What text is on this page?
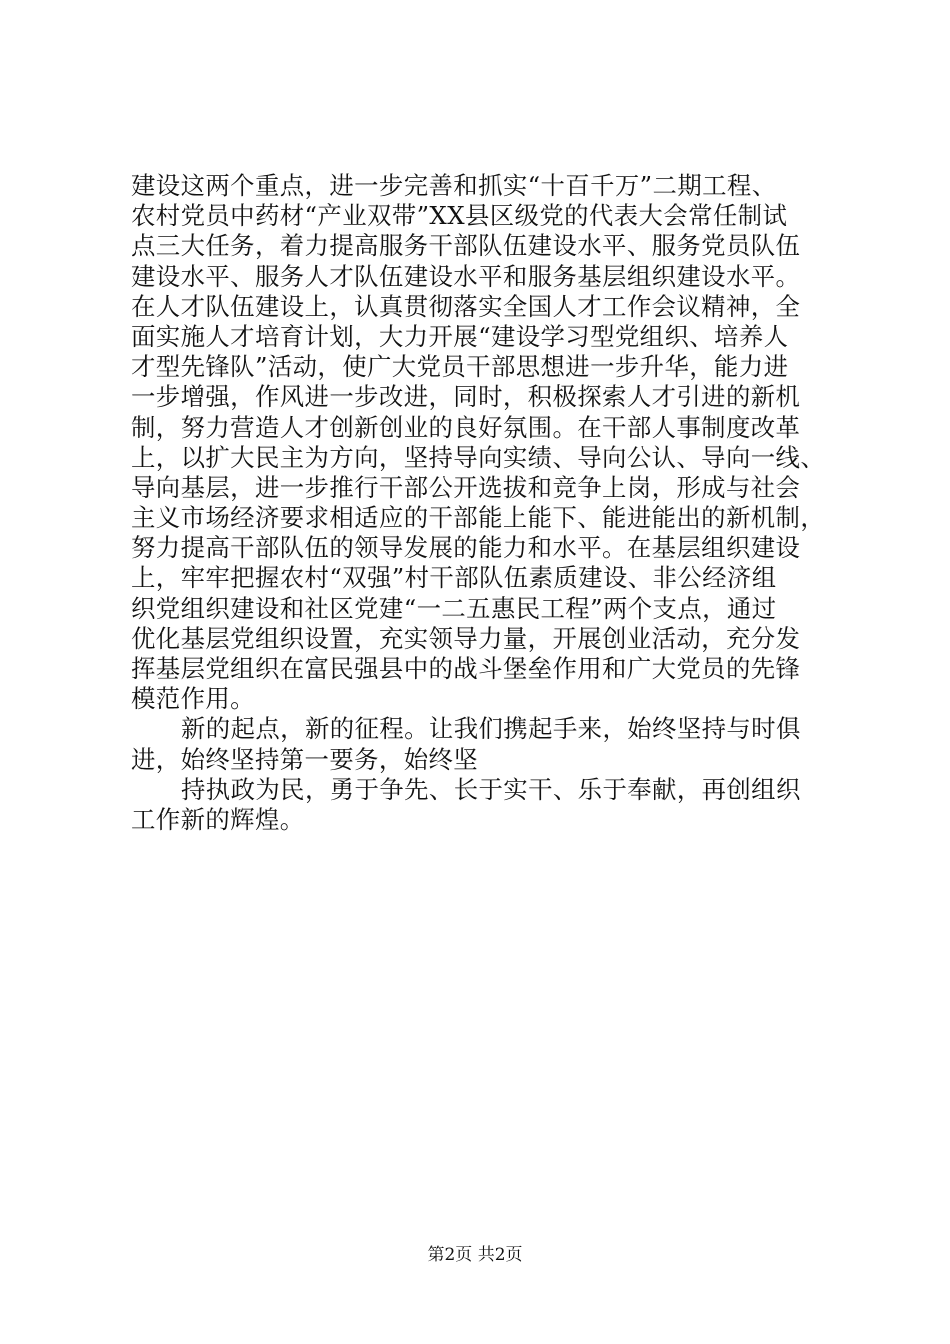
建设这两个重点，进一步完善和抓实“十百千万”二期工程、
农村党员中药材“产业双带”XX县区级党的代表大会常任制试
点三大任务，着力提高服务干部队伍建设水平、服务党员队伍
建设水平、服务人才队伍建设水平和服务基层组织建设水平。
在人才队伍建设上，认真贯彻落实全国人才工作会议精神，全
面实施人才培育计划，大力开展“建设学习型党组织、培养人
才型先锋队”活动，使广大党员干部思想进一步升华，能力进
一步增强，作风进一步改进，同时，积极探索人才引进的新机
制，努力营造人才创新创业的良好氛围。在干部人事制度改革
上，以扩大民主为方向，坚持导向实绩、导向公认、导向一线、
导向基层，进一步推行干部公开选拔和竞争上岗，形成与社会
主义市场经济要求相适应的干部能上能下、能进能出的新机制，
努力提高干部队伍的领导发展的能力和水平。在基层组织建设
上，牢牢把握农村“双强”村干部队伍素质建设、非公经济组
织党组织建设和社区党建“一二五惠民工程”两个支点，通过
优化基层党组织设置，充实领导力量，开展创业活动，充分发
挥基层党组织在富民强县中的战斗堡垒作用和广大党员的先锋
模范作用。
新的起点，新的征程。让我们携起手来，始终坚持与时俱
进，始终坚持第一要务，始终坚
持执政为民，勇于争先、长于实干、乐于奉献，再创组织
工作新的辉煌。
第2页 共2页
